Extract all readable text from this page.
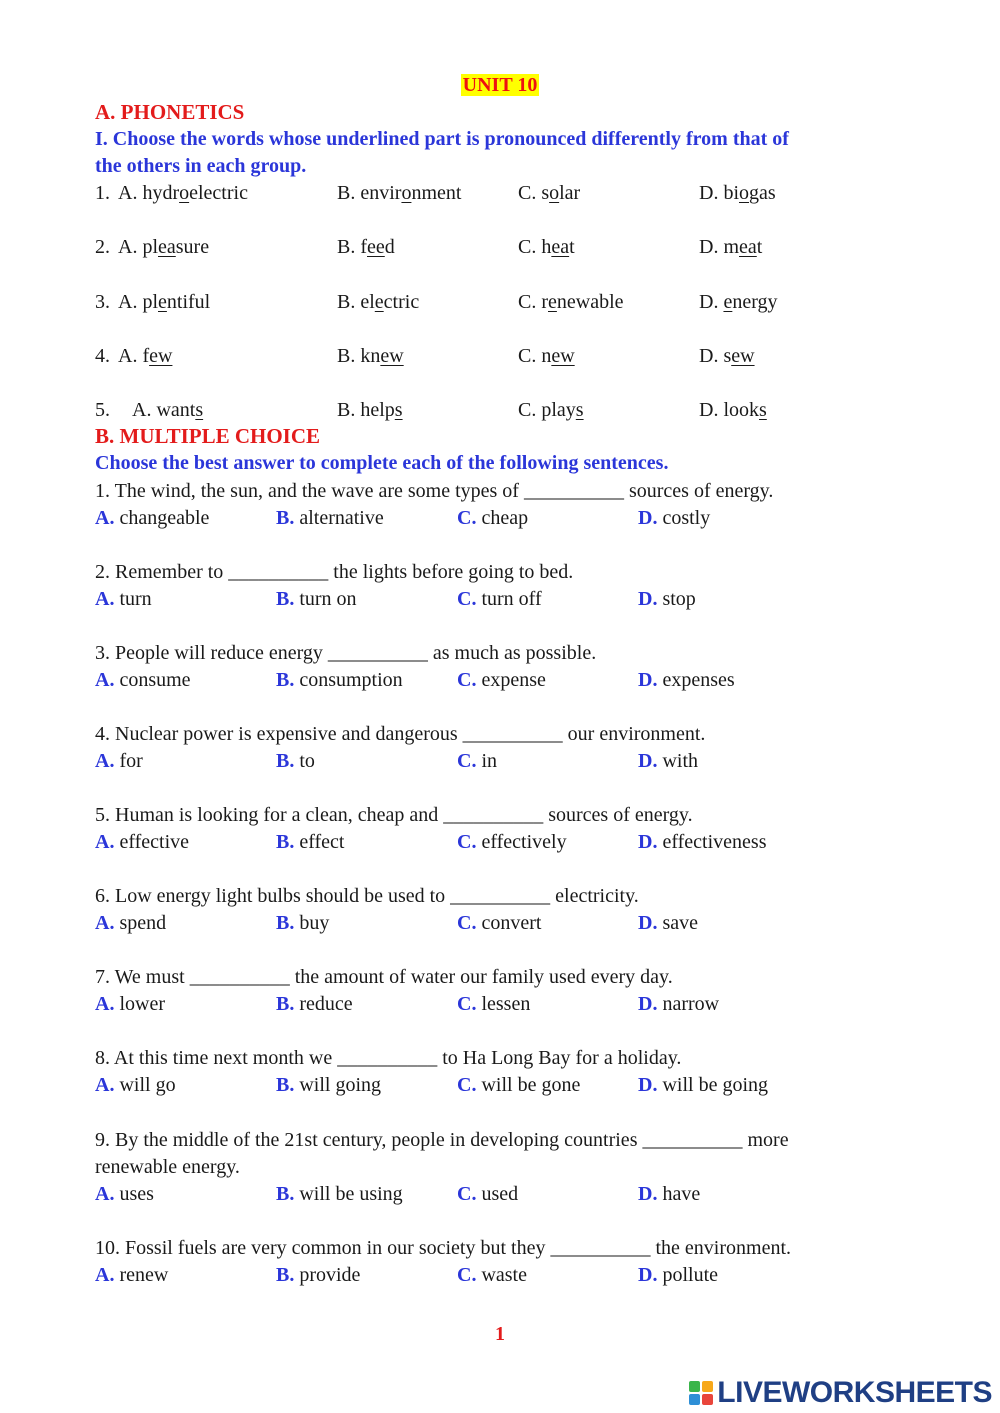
UNIT 10
A. PHONETICS
I. Choose the words whose underlined part is pronounced differently from that of
the others in each group.
1. A. hydroelectric	B. environment	C. solar	D. biogas
2. A. pleasure	B. feed	C. heat	D. meat
3. A. plentiful	B. electric	C. renewable	D. energy
4. A. few	B. knew	C. new	D. sew
5. A. wants	B. helps	C. plays	D. looks
B. MULTIPLE CHOICE
Choose the best answer to complete each of the following sentences.
1. The wind, the sun, and the wave are some types of __________ sources of energy.
A. changeable	B. alternative	C. cheap	D. costly
2. Remember to __________ the lights before going to bed.
A. turn	B. turn on	C. turn off	D. stop
3. People will reduce energy __________ as much as possible.
A. consume	B. consumption	C. expense	D. expenses
4. Nuclear power is expensive and dangerous __________ our environment.
A. for	B. to	C. in	D. with
5. Human is looking for a clean, cheap and __________ sources of energy.
A. effective	B. effect	C. effectively	D. effectiveness
6. Low energy light bulbs should be used to __________ electricity.
A. spend	B. buy	C. convert	D. save
7. We must __________ the amount of water our family used every day.
A. lower	B. reduce	C. lessen	D. narrow
8. At this time next month we __________ to Ha Long Bay for a holiday.
A. will go	B. will going	C. will be gone	D. will be going
9. By the middle of the 21st century, people in developing countries __________ more
renewable energy.
A. uses	B. will be using	C. used	D. have
10. Fossil fuels are very common in our society but they __________ the environment.
A. renew	B. provide	C. waste	D. pollute
1
LIVEWORKSHEETS
